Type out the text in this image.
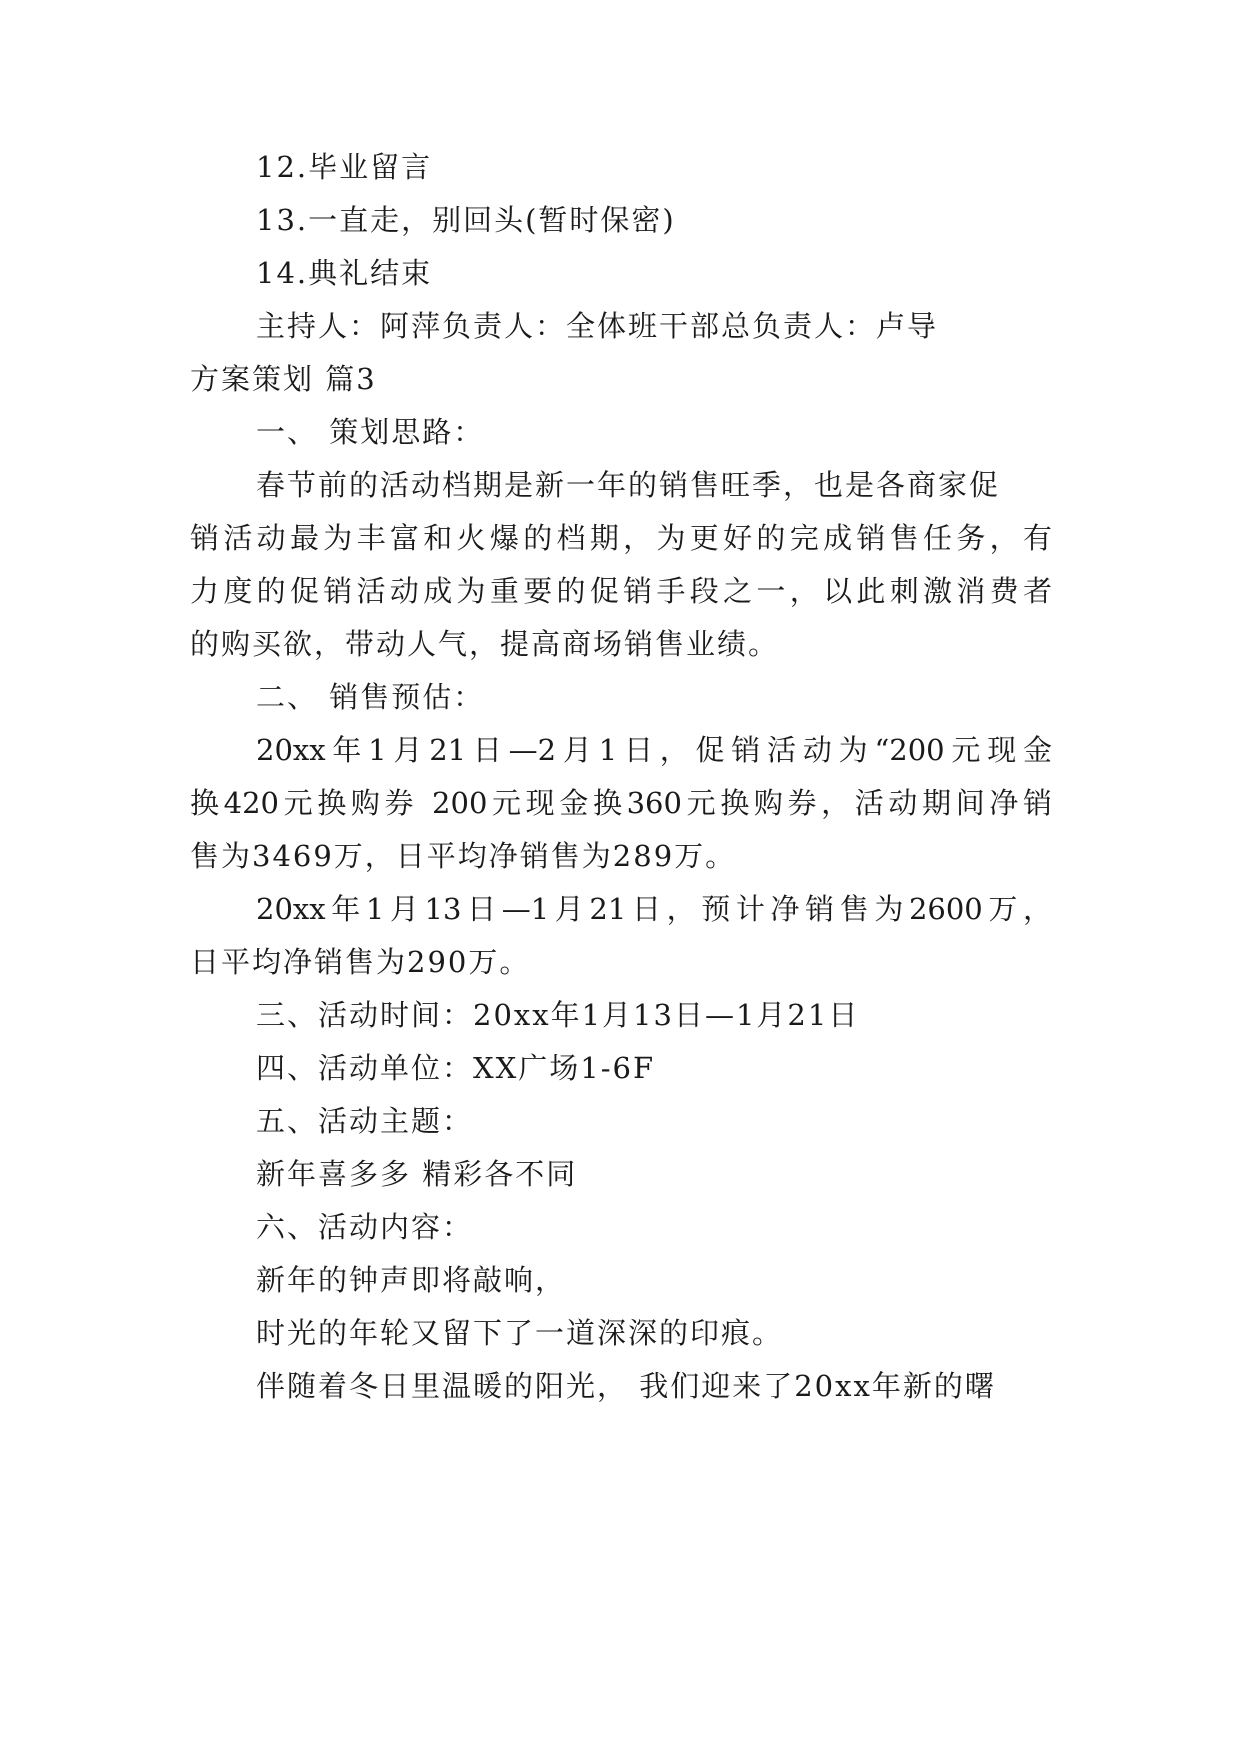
12.毕业留言
13.一直走，别回头(暂时保密)
14.典礼结束
主持人：阿萍负责人：全体班干部总负责人：卢导
方案策划 篇3
一、 策划思路：
春节前的活动档期是新一年的销售旺季，也是各商家促
销活动最为丰富和火爆的档期，为更好的完成销售任务，有
力度的促销活动成为重要的促销手段之一，以此刺激消费者
的购买欲，带动人气，提高商场销售业绩。
二、 销售预估：
20xx年1月21日—2月1日，促销活动为“200元现金
换420元换购券 200元现金换360元换购券，活动期间净销
售为3469万，日平均净销售为289万。
20xx年1月13日—1月21日，预计净销售为2600万，
日平均净销售为290万。
三、活动时间：20xx年1月13日—1月21日
四、活动单位：XX广场1-6F
五、活动主题：
新年喜多多 精彩各不同
六、活动内容：
新年的钟声即将敲响，
时光的年轮又留下了一道深深的印痕。
伴随着冬日里温暖的阳光， 我们迎来了20xx年新的曙
